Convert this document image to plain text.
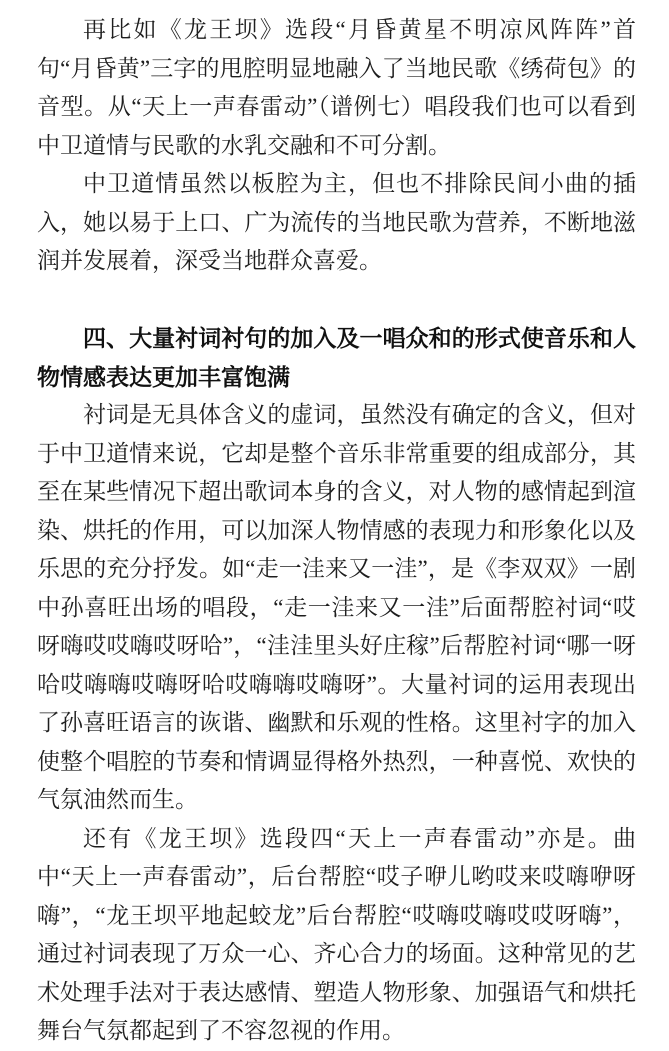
再比如《龙王坝》选段“月昏黄星不明凉风阵阵”首句“月昏黄”三字的甩腔明显地融入了当地民歌《绣荷包》的音型。从“天上一声春雷动”（谱例七）唱段我们也可以看到中卫道情与民歌的水乳交融和不可分割。

中卫道情虽然以板腔为主，但也不排除民间小曲的插入，她以易于上口、广为流传的当地民歌为营养，不断地滋润并发展着，深受当地群众喜爱。

四、大量衬词衬句的加入及一唱众和的形式使音乐和人物情感表达更加丰富饱满

衬词是无具体含义的虚词，虽然没有确定的含义，但对于中卫道情来说，它却是整个音乐非常重要的组成部分，其至在某些情况下超出歌词本身的含义，对人物的感情起到渲染、烘托的作用，可以加深人物情感的表现力和形象化以及乐思的充分抒发。如“走一洼来又一洼”，是《李双双》一剧中孙喜旺出场的唱段，“走一洼来又一洼”后面帮腔衬词“哎呀嗨哎哎嗨哎呀哈”，“洼洼里头好庄稼”后帮腔衬词“哪一呀哈哎嗨嗨哎嗨呀哈哎嗨嗨哎嗨呀”。大量衬词的运用表现出了孙喜旺语言的诙谐、幽默和乐观的性格。这里衬字的加入使整个唱腔的节奏和情调显得格外热烈，一种喜悦、欢快的气氛油然而生。

还有《龙王坝》选段四“天上一声春雷动”亦是。曲中“天上一声春雷动”，后台帮腔“哎子咿儿哟哎来哎嗨咿呀嗨”，“龙王坝平地起蛟龙”后台帮腔“哎嗨哎嗨哎哎呀嗨”，通过衬词表现了万众一心、齐心合力的场面。这种常见的艺术处理手法对于表达感情、塑造人物形象、加强语气和烘托舞台气氛都起到了不容忽视的作用。
